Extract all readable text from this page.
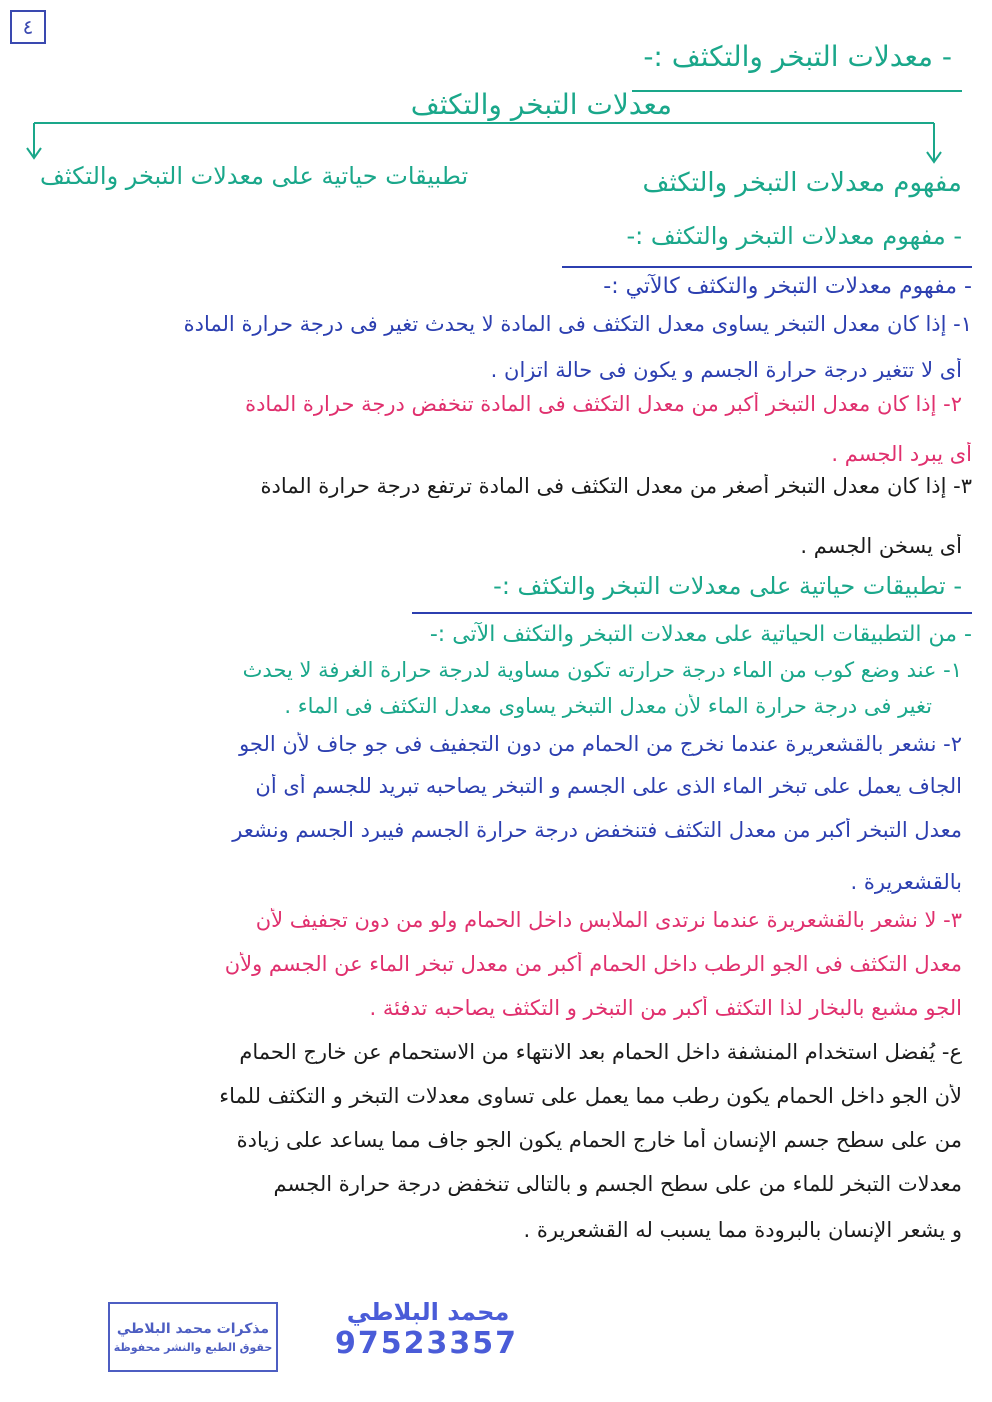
٤
- معدلات التبخر والتكثف :-
معدلات التبخر والتكثف
تطبيقات حياتية على معدلات التبخر والتكثف	مفهوم معدلات التبخر والتكثف
- مفهوم معدلات التبخر والتكثف :-
- مفهوم معدلات التبخر والتكثف كالآتي :-
١- إذا كان معدل التبخر يساوى معدل التكثف فى المادة لا يحدث تغير فى درجة حرارة المادة
أى لا تتغير درجة حرارة الجسم و يكون فى حالة اتزان .
٢- إذا كان معدل التبخر أكبر من معدل التكثف فى المادة تنخفض درجة حرارة المادة
أى يبرد الجسم .
٣- إذا كان معدل التبخر أصغر من معدل التكثف فى المادة ترتفع درجة حرارة المادة
أى يسخن الجسم .
- تطبيقات حياتية على معدلات التبخر والتكثف :-
- من التطبيقات الحياتية على معدلات التبخر والتكثف الآتى :-
١- عند وضع كوب من الماء درجة حرارته تكون مساوية لدرجة حرارة الغرفة لا يحدث
تغير فى درجة حرارة الماء لأن معدل التبخر يساوى معدل التكثف فى الماء .
٢- نشعر بالقشعريرة عندما نخرج من الحمام من دون التجفيف فى جو جاف لأن الجو
الجاف يعمل على تبخر الماء الذى على الجسم و التبخر يصاحبه تبريد للجسم أى أن
معدل التبخر أكبر من معدل التكثف فتنخفض درجة حرارة الجسم فيبرد الجسم ونشعر
بالقشعريرة .
٣- لا نشعر بالقشعريرة عندما نرتدى الملابس داخل الحمام ولو من دون تجفيف لأن
معدل التكثف فى الجو الرطب داخل الحمام أكبر من معدل تبخر الماء عن الجسم ولأن
الجو مشبع بالبخار لذا التكثف أكبر من التبخر و التكثف يصاحبه تدفئة .
ع- يُفضل استخدام المنشفة داخل الحمام بعد الانتهاء من الاستحمام عن خارج الحمام
لأن الجو داخل الحمام يكون رطب مما يعمل على تساوى معدلات التبخر و التكثف للماء
من على سطح جسم الإنسان أما خارج الحمام يكون الجو جاف مما يساعد على زيادة
معدلات التبخر للماء من على سطح الجسم و بالتالى تنخفض درجة حرارة الجسم
و يشعر الإنسان بالبرودة مما يسبب له القشعريرة .
مذكرات محمد البلاطي
حقوق الطبع والنشر محفوظة
محمد البلاطي
97523357
